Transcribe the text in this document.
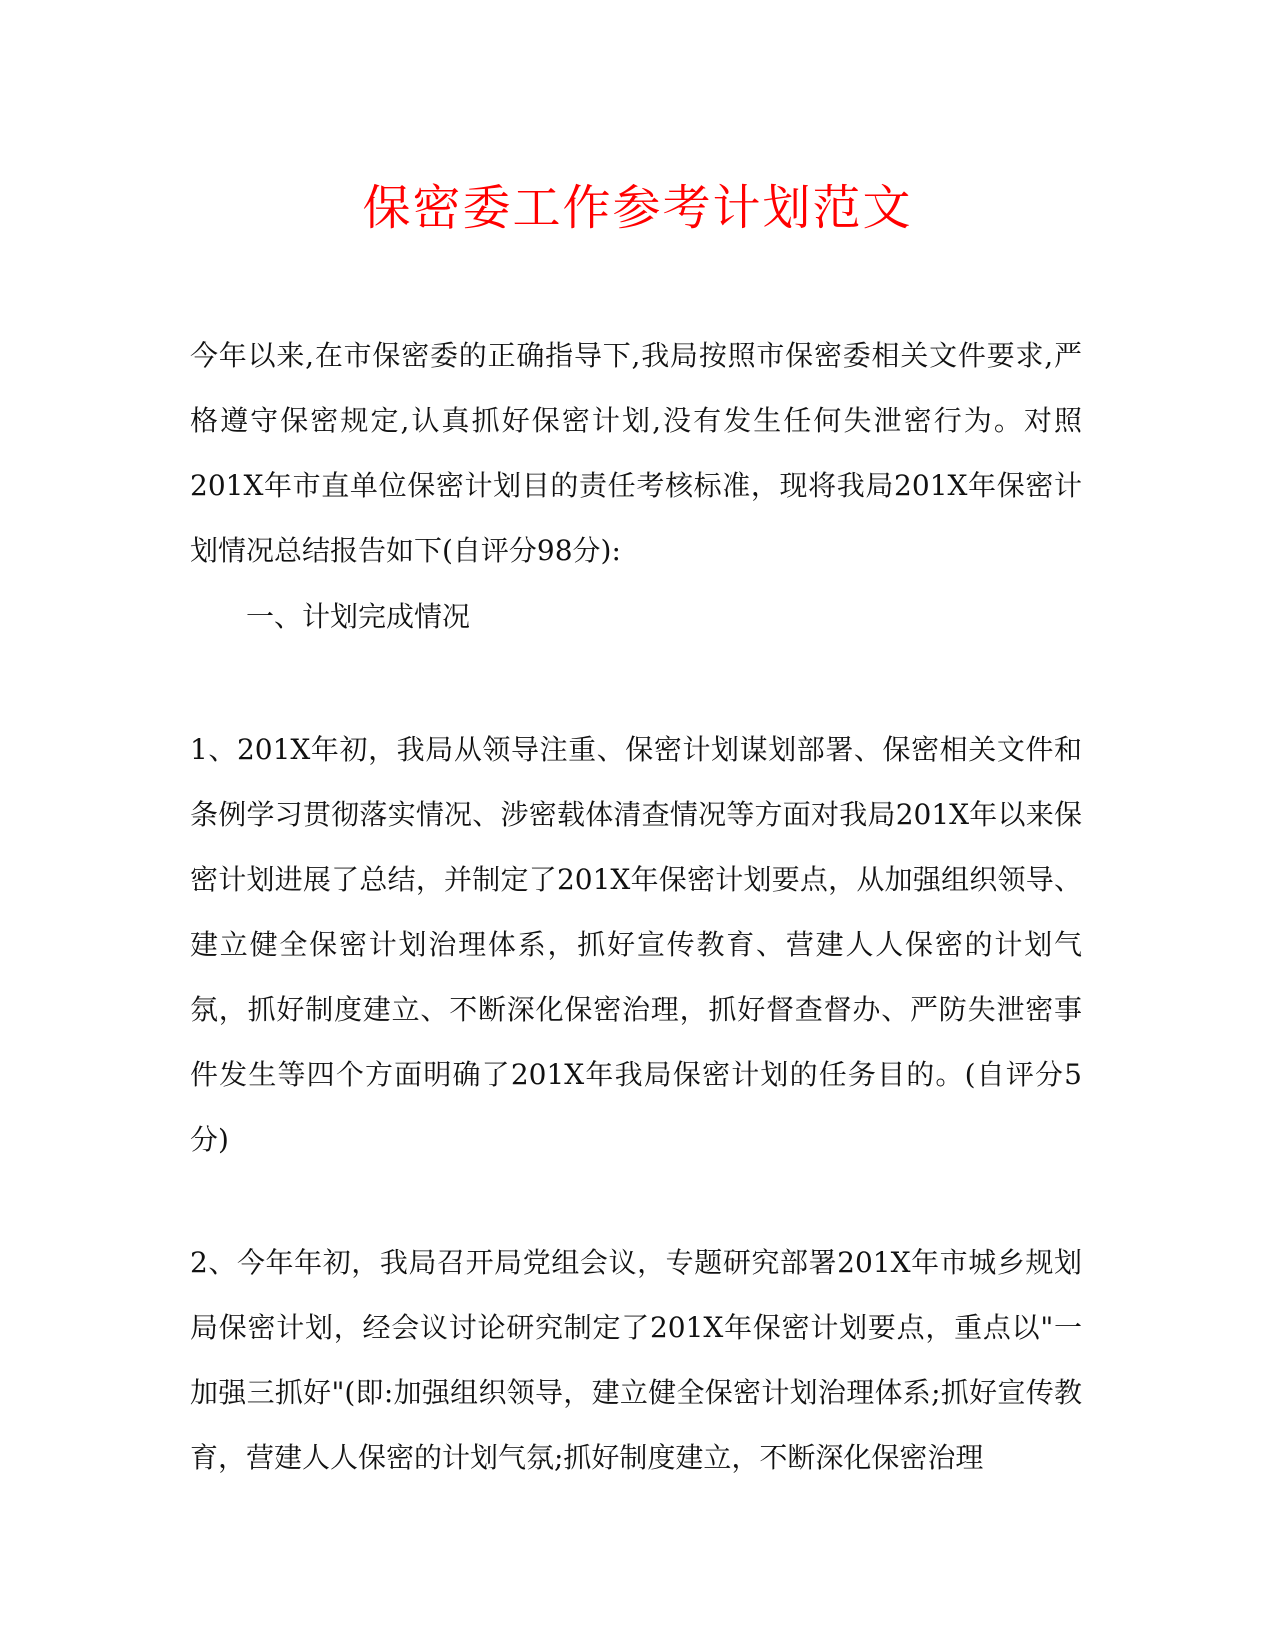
保密委工作参考计划范文
今年以来,在市保密委的正确指导下,我局按照市保密委相关文件要求,严格遵守保密规定,认真抓好保密计划,没有发生任何失泄密行为。对照201X年市直单位保密计划目的责任考核标准，现将我局201X年保密计划情况总结报告如下(自评分98分):
一、计划完成情况
1、201X年初，我局从领导注重、保密计划谋划部署、保密相关文件和条例学习贯彻落实情况、涉密载体清查情况等方面对我局201X年以来保密计划进展了总结，并制定了201X年保密计划要点，从加强组织领导、建立健全保密计划治理体系，抓好宣传教育、营建人人保密的计划气氛，抓好制度建立、不断深化保密治理，抓好督查督办、严防失泄密事件发生等四个方面明确了201X年我局保密计划的任务目的。(自评分5分)
2、今年年初，我局召开局党组会议，专题研究部署201X年市城乡规划局保密计划，经会议讨论研究制定了201X年保密计划要点，重点以"一加强三抓好"(即:加强组织领导，建立健全保密计划治理体系;抓好宣传教育，营建人人保密的计划气氛;抓好制度建立，不断深化保密治理
